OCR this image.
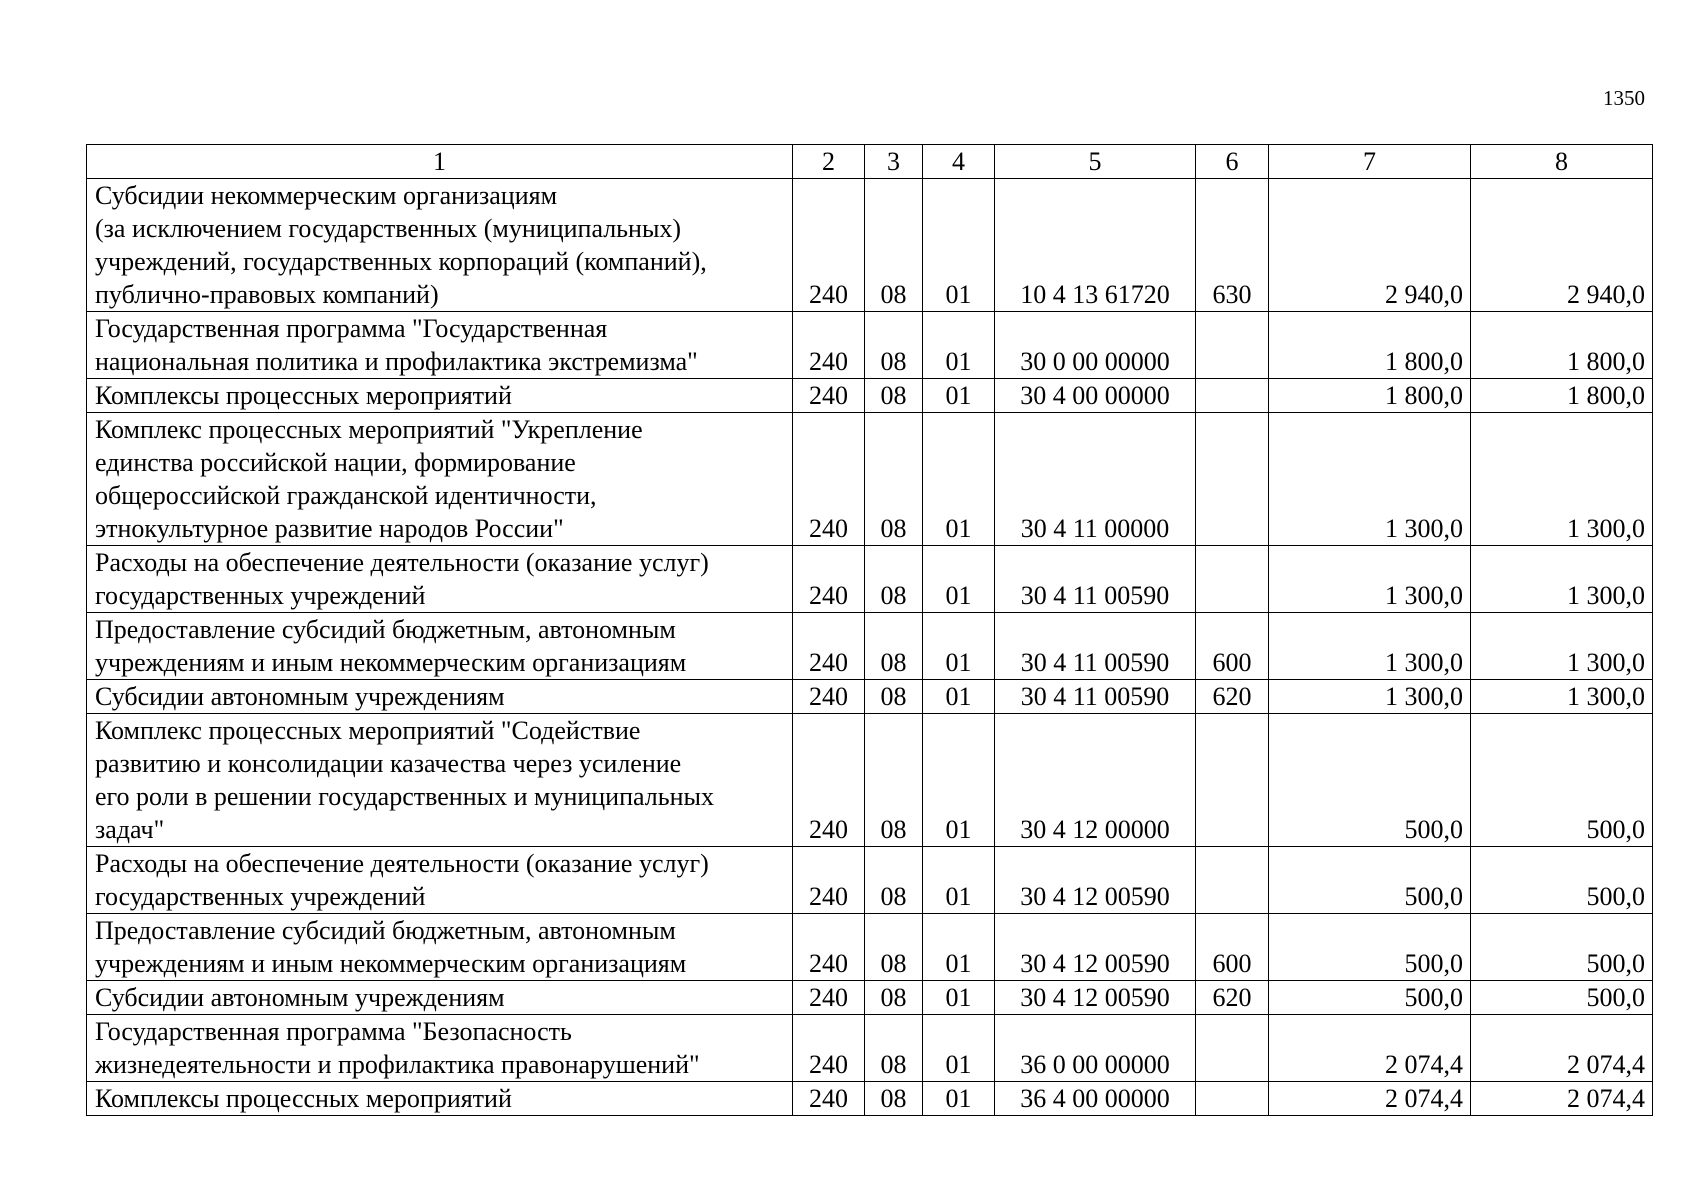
1350
1	2	3	4	5	6	7	8

Субсидии некоммерческим организациям
(за исключением государственных (муниципальных)
учреждений, государственных корпораций (компаний),
публично-правовых компаний)	240	08	01	10 4 13 61720	630	2 940,0	2 940,0

Государственная программа "Государственная
национальная политика и профилактика экстремизма"	240	08	01	30 0 00 00000		1 800,0	1 800,0

Комплексы процессных мероприятий	240	08	01	30 4 00 00000		1 800,0	1 800,0

Комплекс процессных мероприятий "Укрепление
единства российской нации, формирование
общероссийской гражданской идентичности,
этнокультурное развитие народов России"	240	08	01	30 4 11 00000		1 300,0	1 300,0

Расходы на обеспечение деятельности (оказание услуг)
государственных учреждений	240	08	01	30 4 11 00590		1 300,0	1 300,0

Предоставление субсидий бюджетным, автономным
учреждениям и иным некоммерческим организациям	240	08	01	30 4 11 00590	600	1 300,0	1 300,0

Субсидии автономным учреждениям	240	08	01	30 4 11 00590	620	1 300,0	1 300,0

Комплекс процессных мероприятий "Содействие
развитию и консолидации казачества через усиление
его роли в решении государственных и муниципальных
задач"	240	08	01	30 4 12 00000		500,0	500,0

Расходы на обеспечение деятельности (оказание услуг)
государственных учреждений	240	08	01	30 4 12 00590		500,0	500,0

Предоставление субсидий бюджетным, автономным
учреждениям и иным некоммерческим организациям	240	08	01	30 4 12 00590	600	500,0	500,0

Субсидии автономным учреждениям	240	08	01	30 4 12 00590	620	500,0	500,0

Государственная программа "Безопасность
жизнедеятельности и профилактика правонарушений"	240	08	01	36 0 00 00000		2 074,4	2 074,4

Комплексы процессных мероприятий	240	08	01	36 4 00 00000		2 074,4	2 074,4
